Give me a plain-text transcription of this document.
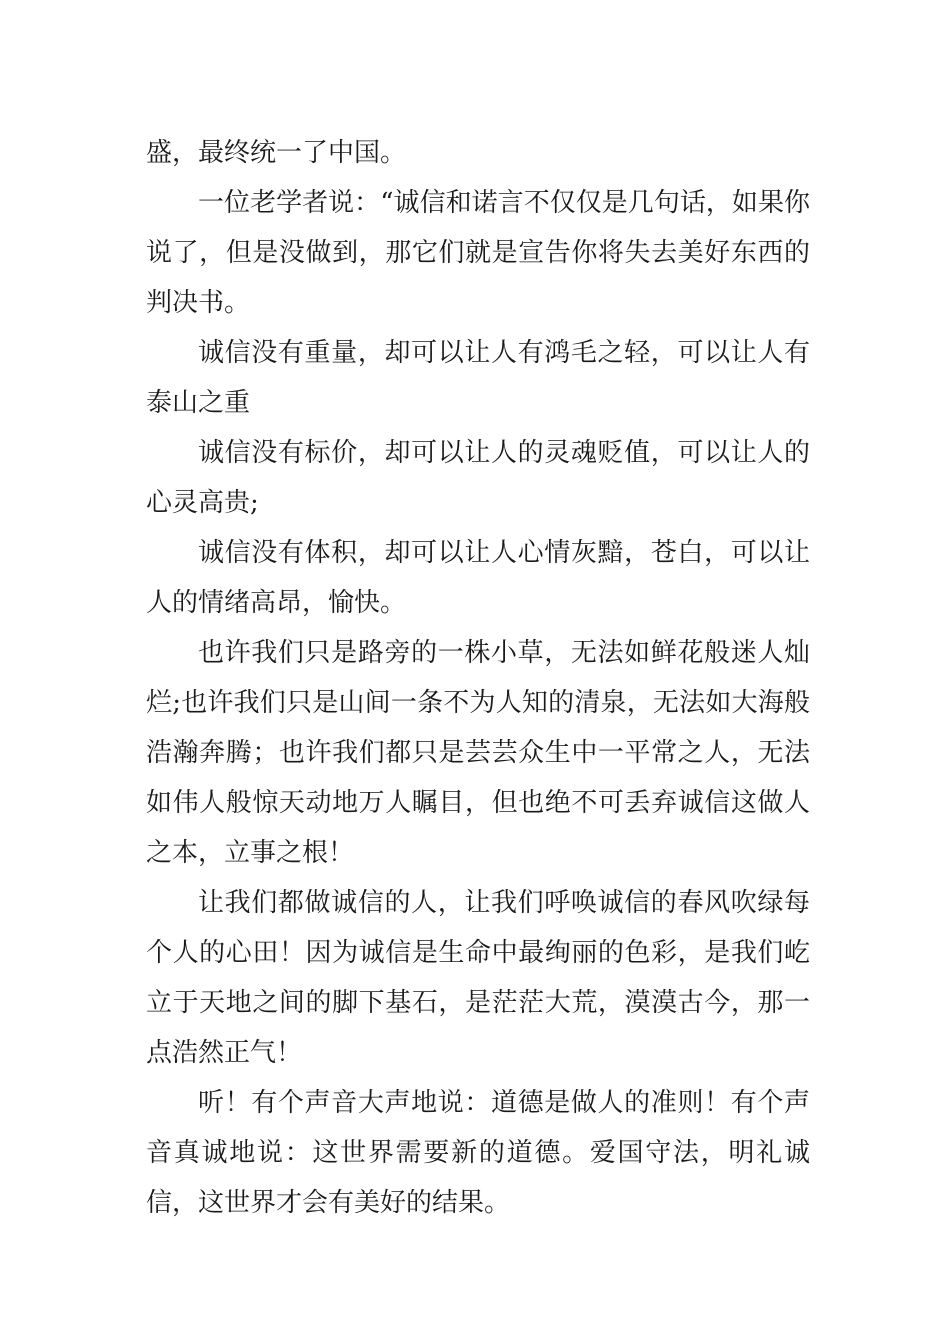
盛，最终统一了中国。

一位老学者说：“诚信和诺言不仅仅是几句话，如果你说了，但是没做到，那它们就是宣告你将失去美好东西的判决书。

诚信没有重量，却可以让人有鸿毛之轻，可以让人有泰山之重

诚信没有标价，却可以让人的灵魂贬值，可以让人的心灵高贵;

诚信没有体积，却可以让人心情灰黯，苍白，可以让人的情绪高昂，愉快。

也许我们只是路旁的一株小草，无法如鲜花般迷人灿烂;也许我们只是山间一条不为人知的清泉，无法如大海般浩瀚奔腾；也许我们都只是芸芸众生中一平常之人，无法如伟人般惊天动地万人瞩目，但也绝不可丢弃诚信这做人之本，立事之根！

让我们都做诚信的人，让我们呼唤诚信的春风吹绿每个人的心田！因为诚信是生命中最绚丽的色彩，是我们屹立于天地之间的脚下基石，是茫茫大荒，漠漠古今，那一点浩然正气！

听！有个声音大声地说：道德是做人的准则！有个声音真诚地说：这世界需要新的道德。爱国守法，明礼诚信，这世界才会有美好的结果。
